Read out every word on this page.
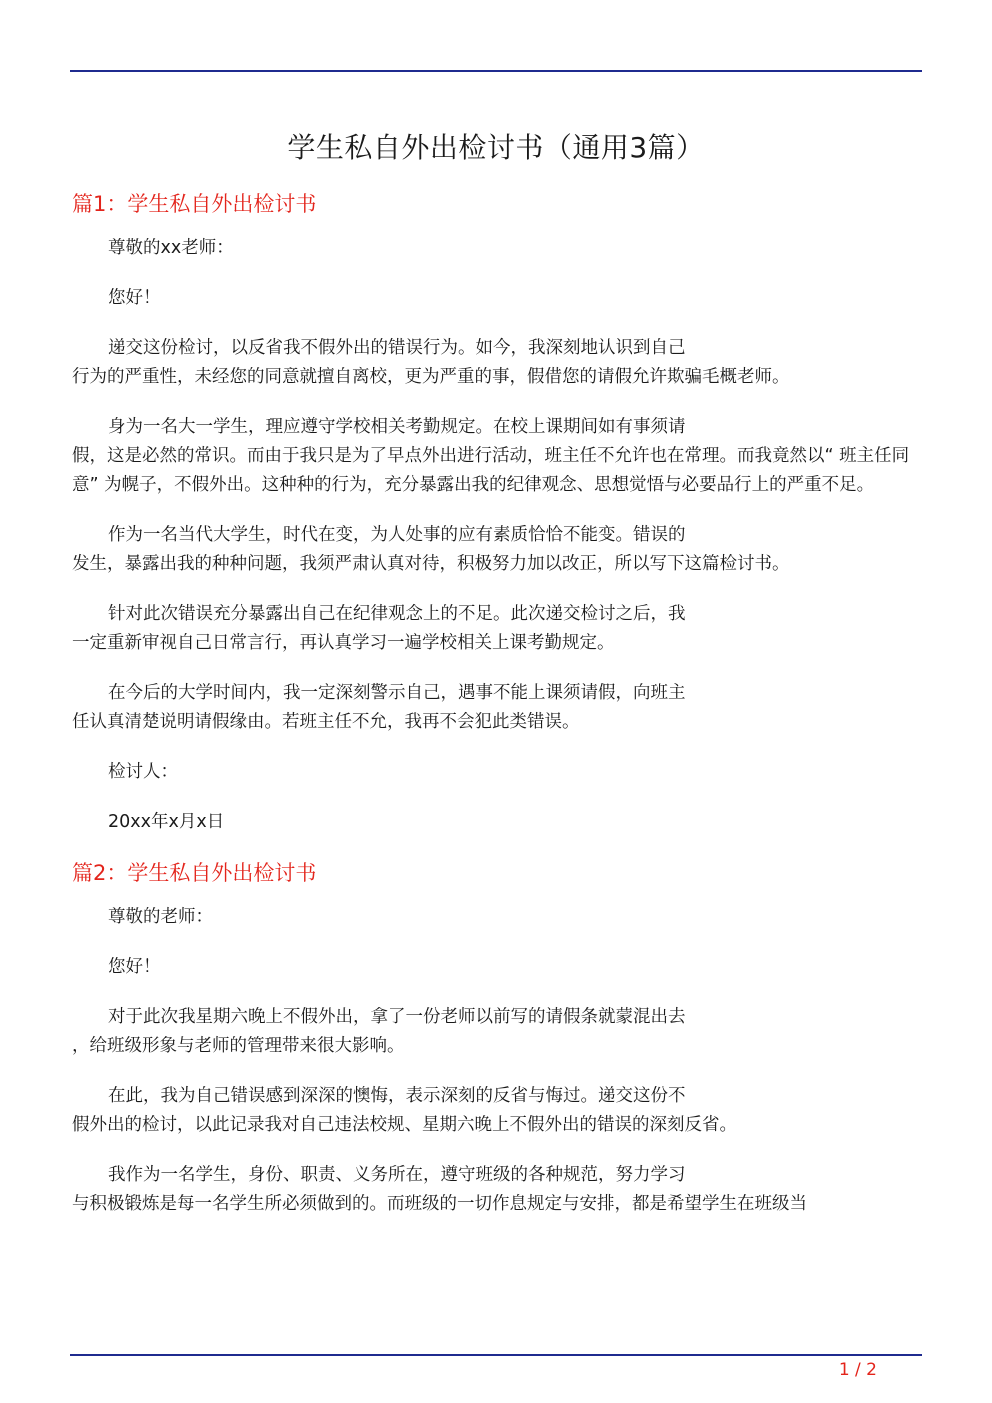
学生私自外出检讨书（通用3篇）
篇1：学生私自外出检讨书

尊敬的xx老师：

您好！

递交这份检讨，以反省我不假外出的错误行为。如今，我深刻地认识到自己
行为的严重性，未经您的同意就擅自离校，更为严重的事，假借您的请假允许欺骗毛概老师。

身为一名大一学生，理应遵守学校相关考勤规定。在校上课期间如有事须请
假，这是必然的常识。而由于我只是为了早点外出进行活动，班主任不允许也在常理。而我竟然以“ 班主任同意” 为幌子，不假外出。这种种的行为，充分暴露出我的纪律观念、思想觉悟与必要品行上的严重不足。

作为一名当代大学生，时代在变，为人处事的应有素质恰恰不能变。错误的
发生，暴露出我的种种问题，我须严肃认真对待，积极努力加以改正，所以写下这篇检讨书。

针对此次错误充分暴露出自己在纪律观念上的不足。此次递交检讨之后，我
一定重新审视自己日常言行，再认真学习一遍学校相关上课考勤规定。

在今后的大学时间内，我一定深刻警示自己，遇事不能上课须请假，向班主
任认真清楚说明请假缘由。若班主任不允，我再不会犯此类错误。

检讨人：

20xx年x月x日

篇2：学生私自外出检讨书

尊敬的老师：

您好！

对于此次我星期六晚上不假外出，拿了一份老师以前写的请假条就蒙混出去
，给班级形象与老师的管理带来很大影响。

在此，我为自己错误感到深深的懊悔，表示深刻的反省与悔过。递交这份不
假外出的检讨，以此记录我对自己违法校规、星期六晚上不假外出的错误的深刻反省。

我作为一名学生，身份、职责、义务所在，遵守班级的各种规范，努力学习
与积极锻炼是每一名学生所必须做到的。而班级的一切作息规定与安排，都是希望学生在班级当

1 / 2
